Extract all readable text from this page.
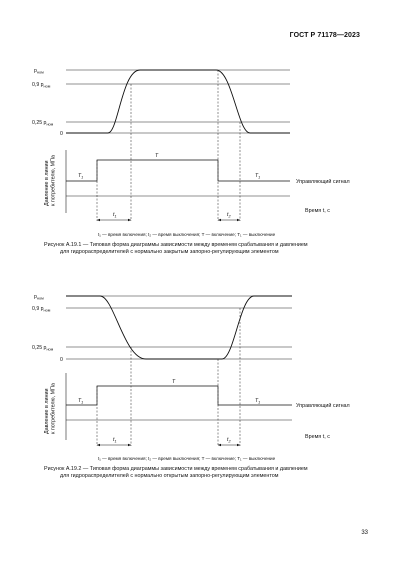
ГОСТ Р 71178—2023
$p_{ном}$
0,9 $p_{ном}$
0,25 $p_{ном}$
0
Давление в линии к потребителю, МПа	T
$T_1$	$T_1$
Управляющий сигнал
Время t, с
$t_1$	$t_2$
t₁ — время включения; t₂ — время выключения; T — включение; T₁ — выключение
Рисунок А.19.1 — Типовая форма диаграммы зависимости между временем срабатывания и давлением
для гидрораспределителей с нормально закрытым запорно-регулирующим элементом
$p_{ном}$
0,9 $p_{ном}$
0,25 $p_{ном}$
0
Давление в линии к потребителю, МПа
T
$T_1$	$T_1$
Управляющий сигнал
Время t, с
$t_1$	$t_2$
t₁ — время включения; t₂ — время выключения; T — включение; T₁ — выключение
Рисунок А.19.2 — Типовая форма диаграммы зависимости между временем срабатывания и давлением
для гидрораспределителей с нормально открытым запорно-регулирующим элементом
33
